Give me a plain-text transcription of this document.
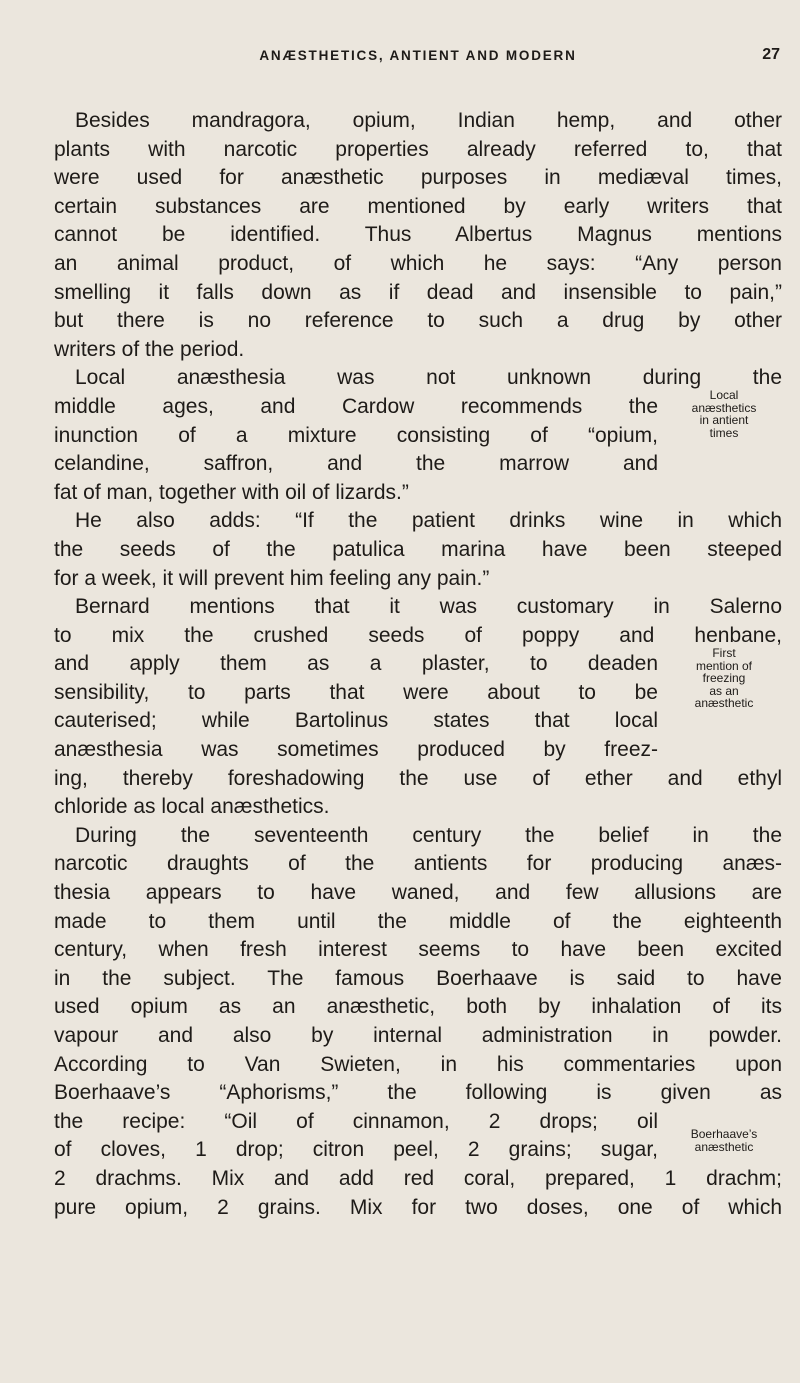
ANÆSTHETICS, ANTIENT AND MODERN	27
Besides mandragora, opium, Indian hemp, and other
plants with narcotic properties already referred to, that
were used for anæsthetic purposes in mediæval times,
certain substances are mentioned by early writers that
cannot be identified. Thus Albertus Magnus mentions
an animal product, of which he says: “Any person
smelling it falls down as if dead and insensible to pain,”
but there is no reference to such a drug by other
writers of the period.
Local anæsthesia was not unknown during the
middle ages, and Cardow recommends the
inunction of a mixture consisting of “opium,
celandine, saffron, and the marrow and
fat of man, together with oil of lizards.”
He also adds: “If the patient drinks wine in which
the seeds of the patulica marina have been steeped
for a week, it will prevent him feeling any pain.”
Bernard mentions that it was customary in Salerno
to mix the crushed seeds of poppy and henbane,
and apply them as a plaster, to deaden
sensibility, to parts that were about to be
cauterised; while Bartolinus states that local
anæsthesia was sometimes produced by freez-
ing, thereby foreshadowing the use of ether and ethyl
chloride as local anæsthetics.
During the seventeenth century the belief in the
narcotic draughts of the antients for producing anæs-
thesia appears to have waned, and few allusions are
made to them until the middle of the eighteenth
century, when fresh interest seems to have been excited
in the subject. The famous Boerhaave is said to have
used opium as an anæsthetic, both by inhalation of its
vapour and also by internal administration in powder.
According to Van Swieten, in his commentaries upon
Boerhaave’s “Aphorisms,” the following is given as
the recipe: “Oil of cinnamon, 2 drops; oil
of cloves, 1 drop; citron peel, 2 grains; sugar,
2 drachms. Mix and add red coral, prepared, 1 drachm;
pure opium, 2 grains. Mix for two doses, one of which
Local
anæsthetics
in antient
times
First
mention of
freezing
as an
anæsthetic
Boerhaave’s
anæsthetic
